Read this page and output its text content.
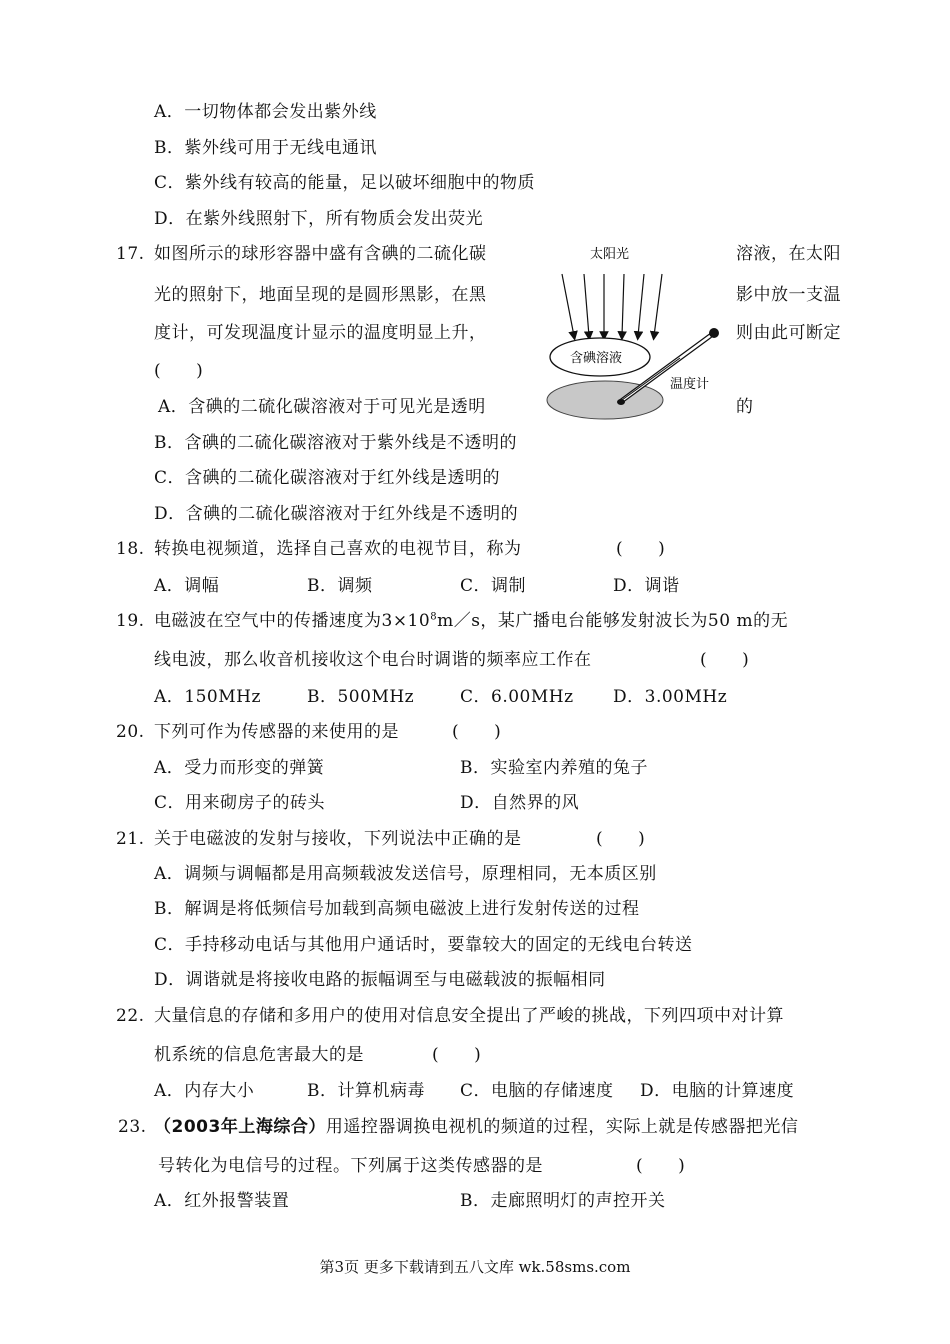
A．一切物体都会发出紫外线
B．紫外线可用于无线电通讯
C．紫外线有较高的能量，足以破坏细胞中的物质
D．在紫外线照射下，所有物质会发出荧光
17. 如图所示的球形容器中盛有含碘的二硫化碳	溶液，在太阳
光的照射下，地面呈现的是圆形黑影，在黑	影中放一支温
度计，可发现温度计显示的温度明显上升，	则由此可断定
(　　)
A．含碘的二硫化碳溶液对于可见光是透明	的
B．含碘的二硫化碳溶液对于紫外线是不透明的
C．含碘的二硫化碳溶液对于红外线是透明的
D．含碘的二硫化碳溶液对于红外线是不透明的
太阳光
含碘溶液
温度计
18. 转换电视频道，选择自己喜欢的电视节目，称为	(　　)
A．调幅	B．调频	C．调制	D．调谐
19. 电磁波在空气中的传播速度为$3\times 10^8m/s$，某广播电台能够发射波长为50 m的无
线电波，那么收音机接收这个电台时调谐的频率应工作在	(　　)
A．150MHz	B．500MHz	C．6.00MHz D．3.00MHz
20. 下列可作为传感器的来使用的是	(　　)
A．受力而形变的弹簧	B．实验室内养殖的兔子
C．用来砌房子的砖头	D．自然界的风
21. 关于电磁波的发射与接收，下列说法中正确的是	(　　)
A．调频与调幅都是用高频载波发送信号，原理相同，无本质区别
B．解调是将低频信号加载到高频电磁波上进行发射传送的过程
C．手持移动电话与其他用户通话时，要靠较大的固定的无线电台转送
D．调谐就是将接收电路的振幅调至与电磁载波的振幅相同
22. 大量信息的存储和多用户的使用对信息安全提出了严峻的挑战，下列四项中对计算
机系统的信息危害最大的是	(　　)
A．内存大小	B．计算机病毒 C．电脑的存储速度 D．电脑的计算速度
23. （2003年上海综合）用遥控器调换电视机的频道的过程，实际上就是传感器把光信
号转化为电信号的过程。下列属于这类传感器的是	(　　)
A．红外报警装置	B．走廊照明灯的声控开关
第3页 更多下载请到五八文库 wk.58sms.com
